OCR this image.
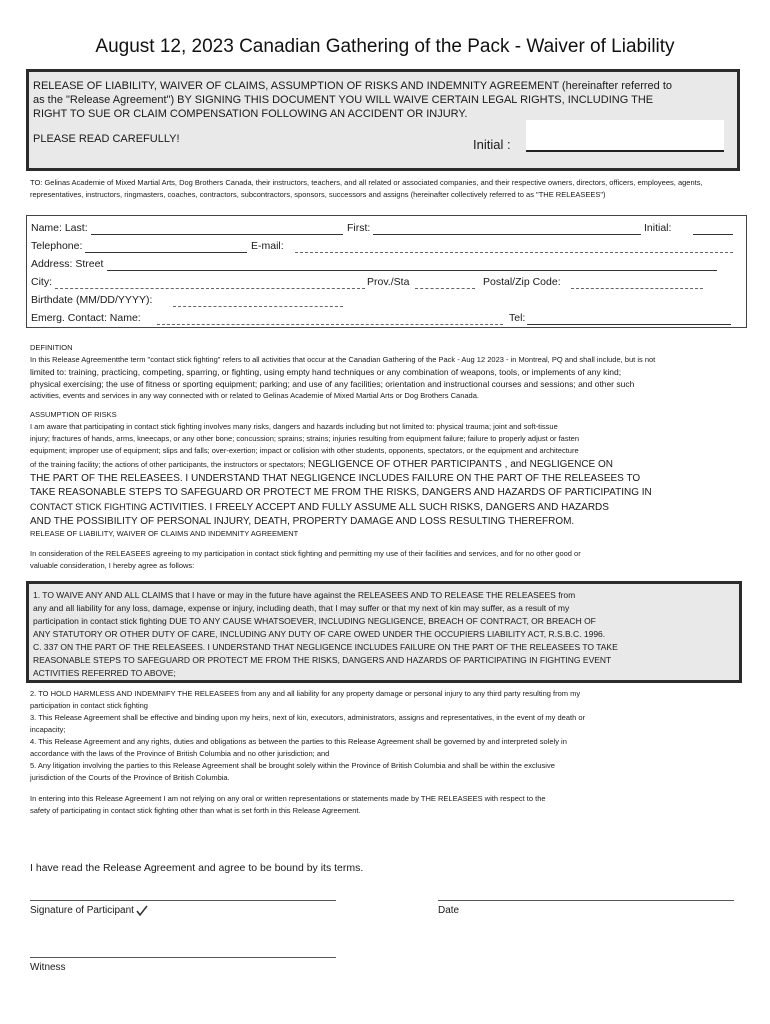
August 12, 2023 Canadian Gathering of the Pack - Waiver of Liability
RELEASE OF LIABILITY, WAIVER OF CLAIMS, ASSUMPTION OF RISKS AND INDEMNITY AGREEMENT (hereinafter referred to as the "Release Agreement") BY SIGNING THIS DOCUMENT YOU WILL WAIVE CERTAIN LEGAL RIGHTS, INCLUDING THE RIGHT TO SUE OR CLAIM COMPENSATION FOLLOWING AN ACCIDENT OR INJURY.
PLEASE READ CAREFULLY!	Initial :
TO: Gelinas Academie of Mixed Martial Arts, Dog Brothers Canada, their instructors, teachers, and all related or associated companies, and their respective owners, directors, officers, employees, agents, representatives, instructors, ringmasters, coaches, contractors, subcontractors, sponsors, successors and assigns (hereinafter collectively referred to as "THE RELEASEES")
Name: Last:	First:	Initial:
Telephone:	E-mail:
Address: Street
City:	Prov./Sta	Postal/Zip Code:
Birthdate (MM/DD/YYYY):
Emerg. Contact: Name:	Tel:
DEFINITION
In this Release Agreementthe term "contact stick fighting" refers to all activities that occur at the Canadian Gathering of the Pack - Aug 12 2023 - in Montreal, PQ and shall include, but is not
limited to: training, practicing, competing, sparring, or fighting, using empty hand techniques or any combination of weapons, tools, or implements of any kind;
physical exercising; the use of fitness or sporting equipment; parking; and use of any facilities; orientation and instructional courses and sessions; and other such
activities, events and services in any way connected with or related to Gelinas Academie of Mixed Martial Arts or Dog Brothers Canada.
ASSUMPTION OF RISKS
I am aware that participating in contact stick fighting involves many risks, dangers and hazards including but not limited to: physical trauma; joint and soft-tissue
injury; fractures of hands, arms, kneecaps, or any other bone; concussion; sprains; strains; injuries resulting from equipment failure; failure to properly adjust or fasten
equipment; improper use of equipment; slips and falls; over-exertion; impact or collision with other students, opponents, spectators, or the equipment and architecture
of the training facility; the actions of other participants, the instructors or spectators; NEGLIGENCE OF OTHER PARTICIPANTS , and NEGLIGENCE ON
THE PART OF THE RELEASEES. I UNDERSTAND THAT NEGLIGENCE INCLUDES FAILURE ON THE PART OF THE RELEASEES TO
TAKE REASONABLE STEPS TO SAFEGUARD OR PROTECT ME FROM THE RISKS, DANGERS AND HAZARDS OF PARTICIPATING IN
CONTACT STICK FIGHTING ACTIVITIES. I FREELY ACCEPT AND FULLY ASSUME ALL SUCH RISKS, DANGERS AND HAZARDS
AND THE POSSIBILITY OF PERSONAL INJURY, DEATH, PROPERTY DAMAGE AND LOSS RESULTING THEREFROM.
RELEASE OF LIABILITY, WAIVER OF CLAIMS AND INDEMNITY AGREEMENT
In consideration of the RELEASEES agreeing to my participation in contact stick fighting and permitting my use of their facilities and services, and for no other good or
valuable consideration, I hereby agree as follows:
1. TO WAIVE ANY AND ALL CLAIMS that I have or may in the future have against the RELEASEES AND TO RELEASE THE RELEASEES from
any and all liability for any loss, damage, expense or injury, including death, that I may suffer or that my next of kin may suffer, as a result of my
participation in contact stick fighting DUE TO ANY CAUSE WHATSOEVER, INCLUDING NEGLIGENCE, BREACH OF CONTRACT, OR BREACH OF
ANY STATUTORY OR OTHER DUTY OF CARE, INCLUDING ANY DUTY OF CARE OWED UNDER THE OCCUPIERS LIABILITY ACT, R.S.B.C. 1996.
C. 337 ON THE PART OF THE RELEASEES. I UNDERSTAND THAT NEGLIGENCE INCLUDES FAILURE ON THE PART OF THE RELEASEES TO TAKE
REASONABLE STEPS TO SAFEGUARD OR PROTECT ME FROM THE RISKS, DANGERS AND HAZARDS OF PARTICIPATING IN FIGHTING EVENT
ACTIVITIES REFERRED TO ABOVE;
2. TO HOLD HARMLESS AND INDEMNIFY THE RELEASEES from any and all liability for any property damage or personal injury to any third party resulting from my
participation in contact stick fighting
3. This Release Agreement shall be effective and binding upon my heirs, next of kin, executors, administrators, assigns and representatives, in the event of my death or
incapacity;
4. This Release Agreement and any rights, duties and obligations as between the parties to this Release Agreement shall be governed by and interpreted solely in
accordance with the laws of the Province of British Columbia and no other jurisdiction; and
5. Any litigation involving the parties to this Release Agreement shall be brought solely within the Province of British Columbia and shall be within the exclusive
jurisdiction of the Courts of the Province of British Columbia.
In entering into this Release Agreement I am not relying on any oral or written representations or statements made by THE RELEASEES with respect to the
safety of participating in contact stick fighting other than what is set forth in this Release Agreement.
I have read the Release Agreement and agree to be bound by its terms.
Signature of Participant	Date
Witness
